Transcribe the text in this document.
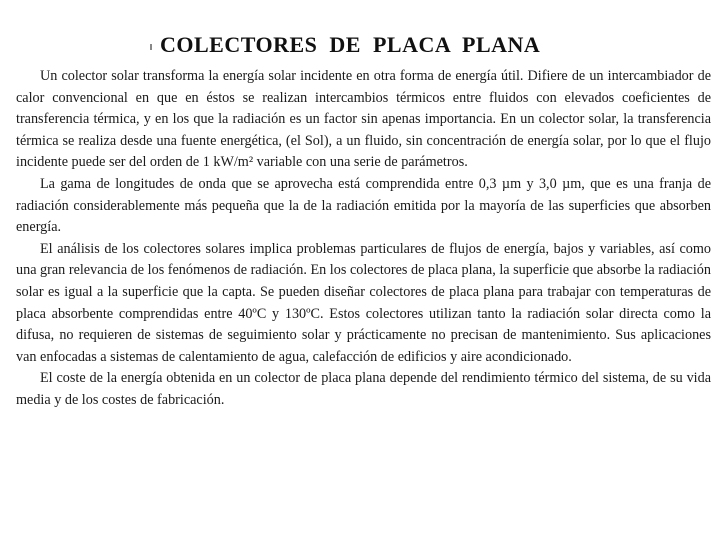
COLECTORES DE PLACA PLANA

Un colector solar transforma la energía solar incidente en otra forma de energía útil. Difiere de un intercambiador de calor convencional en que en éstos se realizan intercambios térmicos entre fluidos con elevados coeficientes de transferencia térmica, y en los que la radiación es un factor sin apenas importancia. En un colector solar, la transferencia térmica se realiza desde una fuente energética, (el Sol), a un fluido, sin concentración de energía solar, por lo que el flujo incidente puede ser del orden de 1 kW/m² variable con una serie de parámetros.

La gama de longitudes de onda que se aprovecha está comprendida entre 0,3 µm y 3,0 µm, que es una franja de radiación considerablemente más pequeña que la de la radiación emitida por la mayoría de las superficies que absorben energía.

El análisis de los colectores solares implica problemas particulares de flujos de energía, bajos y variables, así como una gran relevancia de los fenómenos de radiación. En los colectores de placa plana, la superficie que absorbe la radiación solar es igual a la superficie que la capta. Se pueden diseñar colectores de placa plana para trabajar con temperaturas de placa absorbente comprendidas entre 40ºC y 130ºC. Estos colectores utilizan tanto la radiación solar directa como la difusa, no requieren de sistemas de seguimiento solar y prácticamente no precisan de mantenimiento. Sus aplicaciones van enfocadas a sistemas de calentamiento de agua, calefacción de edificios y aire acondicionado.

El coste de la energía obtenida en un colector de placa plana depende del rendimiento térmico del sistema, de su vida media y de los costes de fabricación.
